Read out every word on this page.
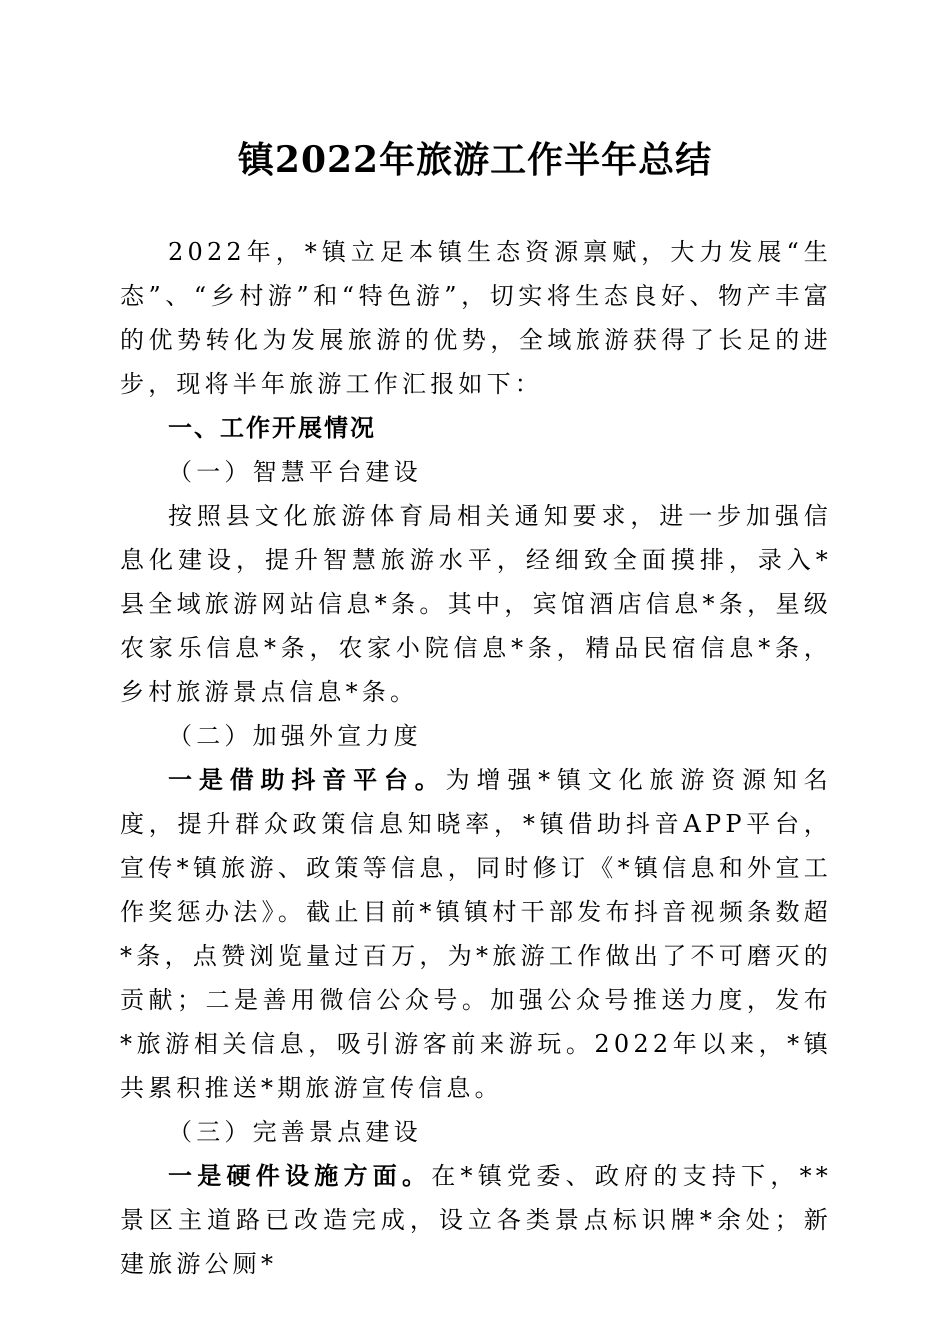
镇2022年旅游工作半年总结

2022年，*镇立足本镇生态资源禀赋，大力发展“生态”、“乡村游”和“特色游”，切实将生态良好、物产丰富的优势转化为发展旅游的优势，全域旅游获得了长足的进步，现将半年旅游工作汇报如下：

一、工作开展情况

（一）智慧平台建设

按照县文化旅游体育局相关通知要求，进一步加强信息化建设，提升智慧旅游水平，经细致全面摸排，录入*县全域旅游网站信息*条。其中，宾馆酒店信息*条，星级农家乐信息*条，农家小院信息*条，精品民宿信息*条，乡村旅游景点信息*条。

（二）加强外宣力度

一是借助抖音平台。为增强*镇文化旅游资源知名度，提升群众政策信息知晓率，*镇借助抖音APP平台，宣传*镇旅游、政策等信息，同时修订《*镇信息和外宣工作奖惩办法》。截止目前*镇镇村干部发布抖音视频条数超*条，点赞浏览量过百万，为*旅游工作做出了不可磨灭的贡献；二是善用微信公众号。加强公众号推送力度，发布*旅游相关信息，吸引游客前来游玩。2022年以来，*镇共累积推送*期旅游宣传信息。

（三）完善景点建设

一是硬件设施方面。在*镇党委、政府的支持下，**景区主道路已改造完成，设立各类景点标识牌*余处；新建旅游公厕*
